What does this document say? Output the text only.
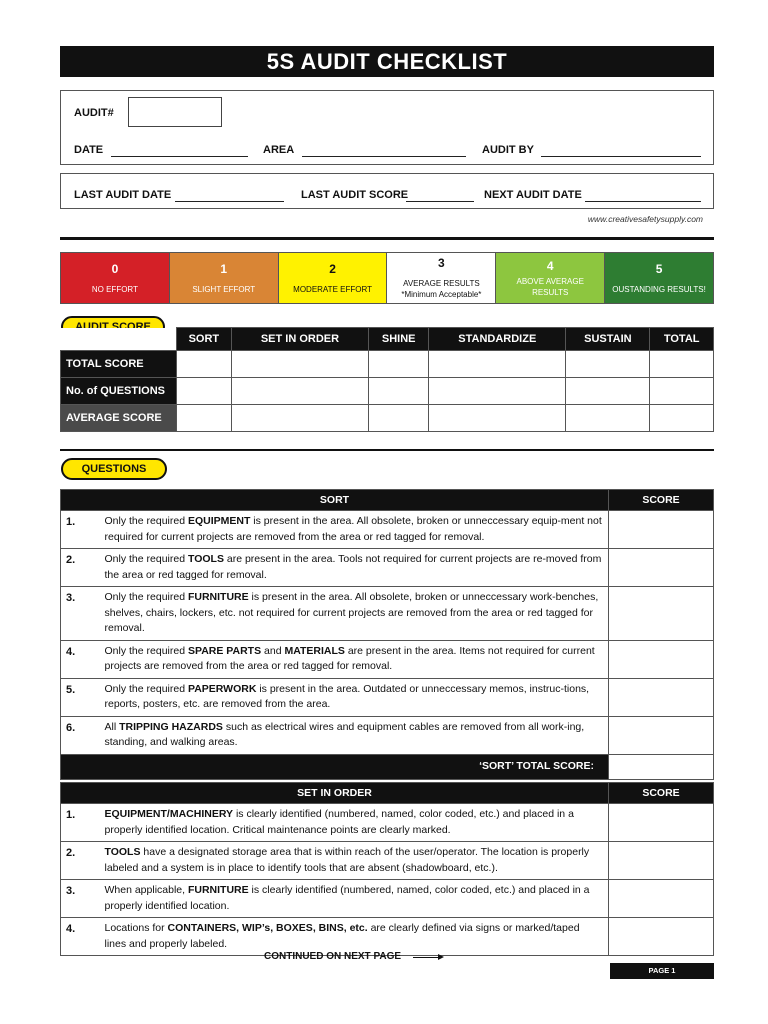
5S AUDIT CHECKLIST
AUDIT#
DATE	AREA	AUDIT BY
LAST AUDIT DATE	LAST AUDIT SCORE	NEXT AUDIT DATE
www.creativesafetysupply.com
0
NO EFFORT
1
SLIGHT EFFORT
2
MODERATE EFFORT
3
AVERAGE RESULTS *Minimum Acceptable*
4
ABOVE AVERAGE RESULTS
5
OUSTANDING RESULTS!
	SORT	SET IN ORDER	SHINE	STANDARDIZE	SUSTAIN	TOTAL
TOTAL SCORE						
No. of QUESTIONS						
AVERAGE SCORE						
QUESTIONS
SORT		SCORE
1.	Only the required EQUIPMENT is present in the area. All obsolete, broken or unneccessary equip-ment not required for current projects are removed from the area or red tagged for removal.	
2.	Only the required TOOLS are present in the area. Tools not required for current projects are re-moved from the area or red tagged for removal.	
3.	Only the required FURNITURE is present in the area. All obsolete, broken or unneccessary work-benches, shelves, chairs, lockers, etc. not required for current projects are removed from the area or red tagged for removal.	
4.	Only the required SPARE PARTS and MATERIALS are present in the area. Items not required for current projects are removed from the area or red tagged for removal.	
5.	Only the required PAPERWORK is present in the area. Outdated or unneccessary memos, instruc-tions, reports, posters, etc. are removed from the area.	
6.	All TRIPPING HAZARDS such as electrical wires and equipment cables are removed from all work-ing, standing, and walking areas.	
‘SORT’ TOTAL SCORE:		
SET IN ORDER		SCORE
1.	EQUIPMENT/MACHINERY is clearly identified (numbered, named, color coded, etc.) and placed in a properly identified location. Critical maintenance points are clearly marked.	
2.	TOOLS have a designated storage area that is within reach of the user/operator. The location is properly labeled and a system is in place to identify tools that are absent (shadowboard, etc.).	
3.	When applicable, FURNITURE is clearly identified (numbered, named, color coded, etc.) and placed in a properly identified location.	
4.	Locations for CONTAINERS, WIP’s, BOXES, BINS, etc. are clearly defined via signs or marked/taped lines and properly labeled.	
CONTINUED ON NEXT PAGE
PAGE 1
